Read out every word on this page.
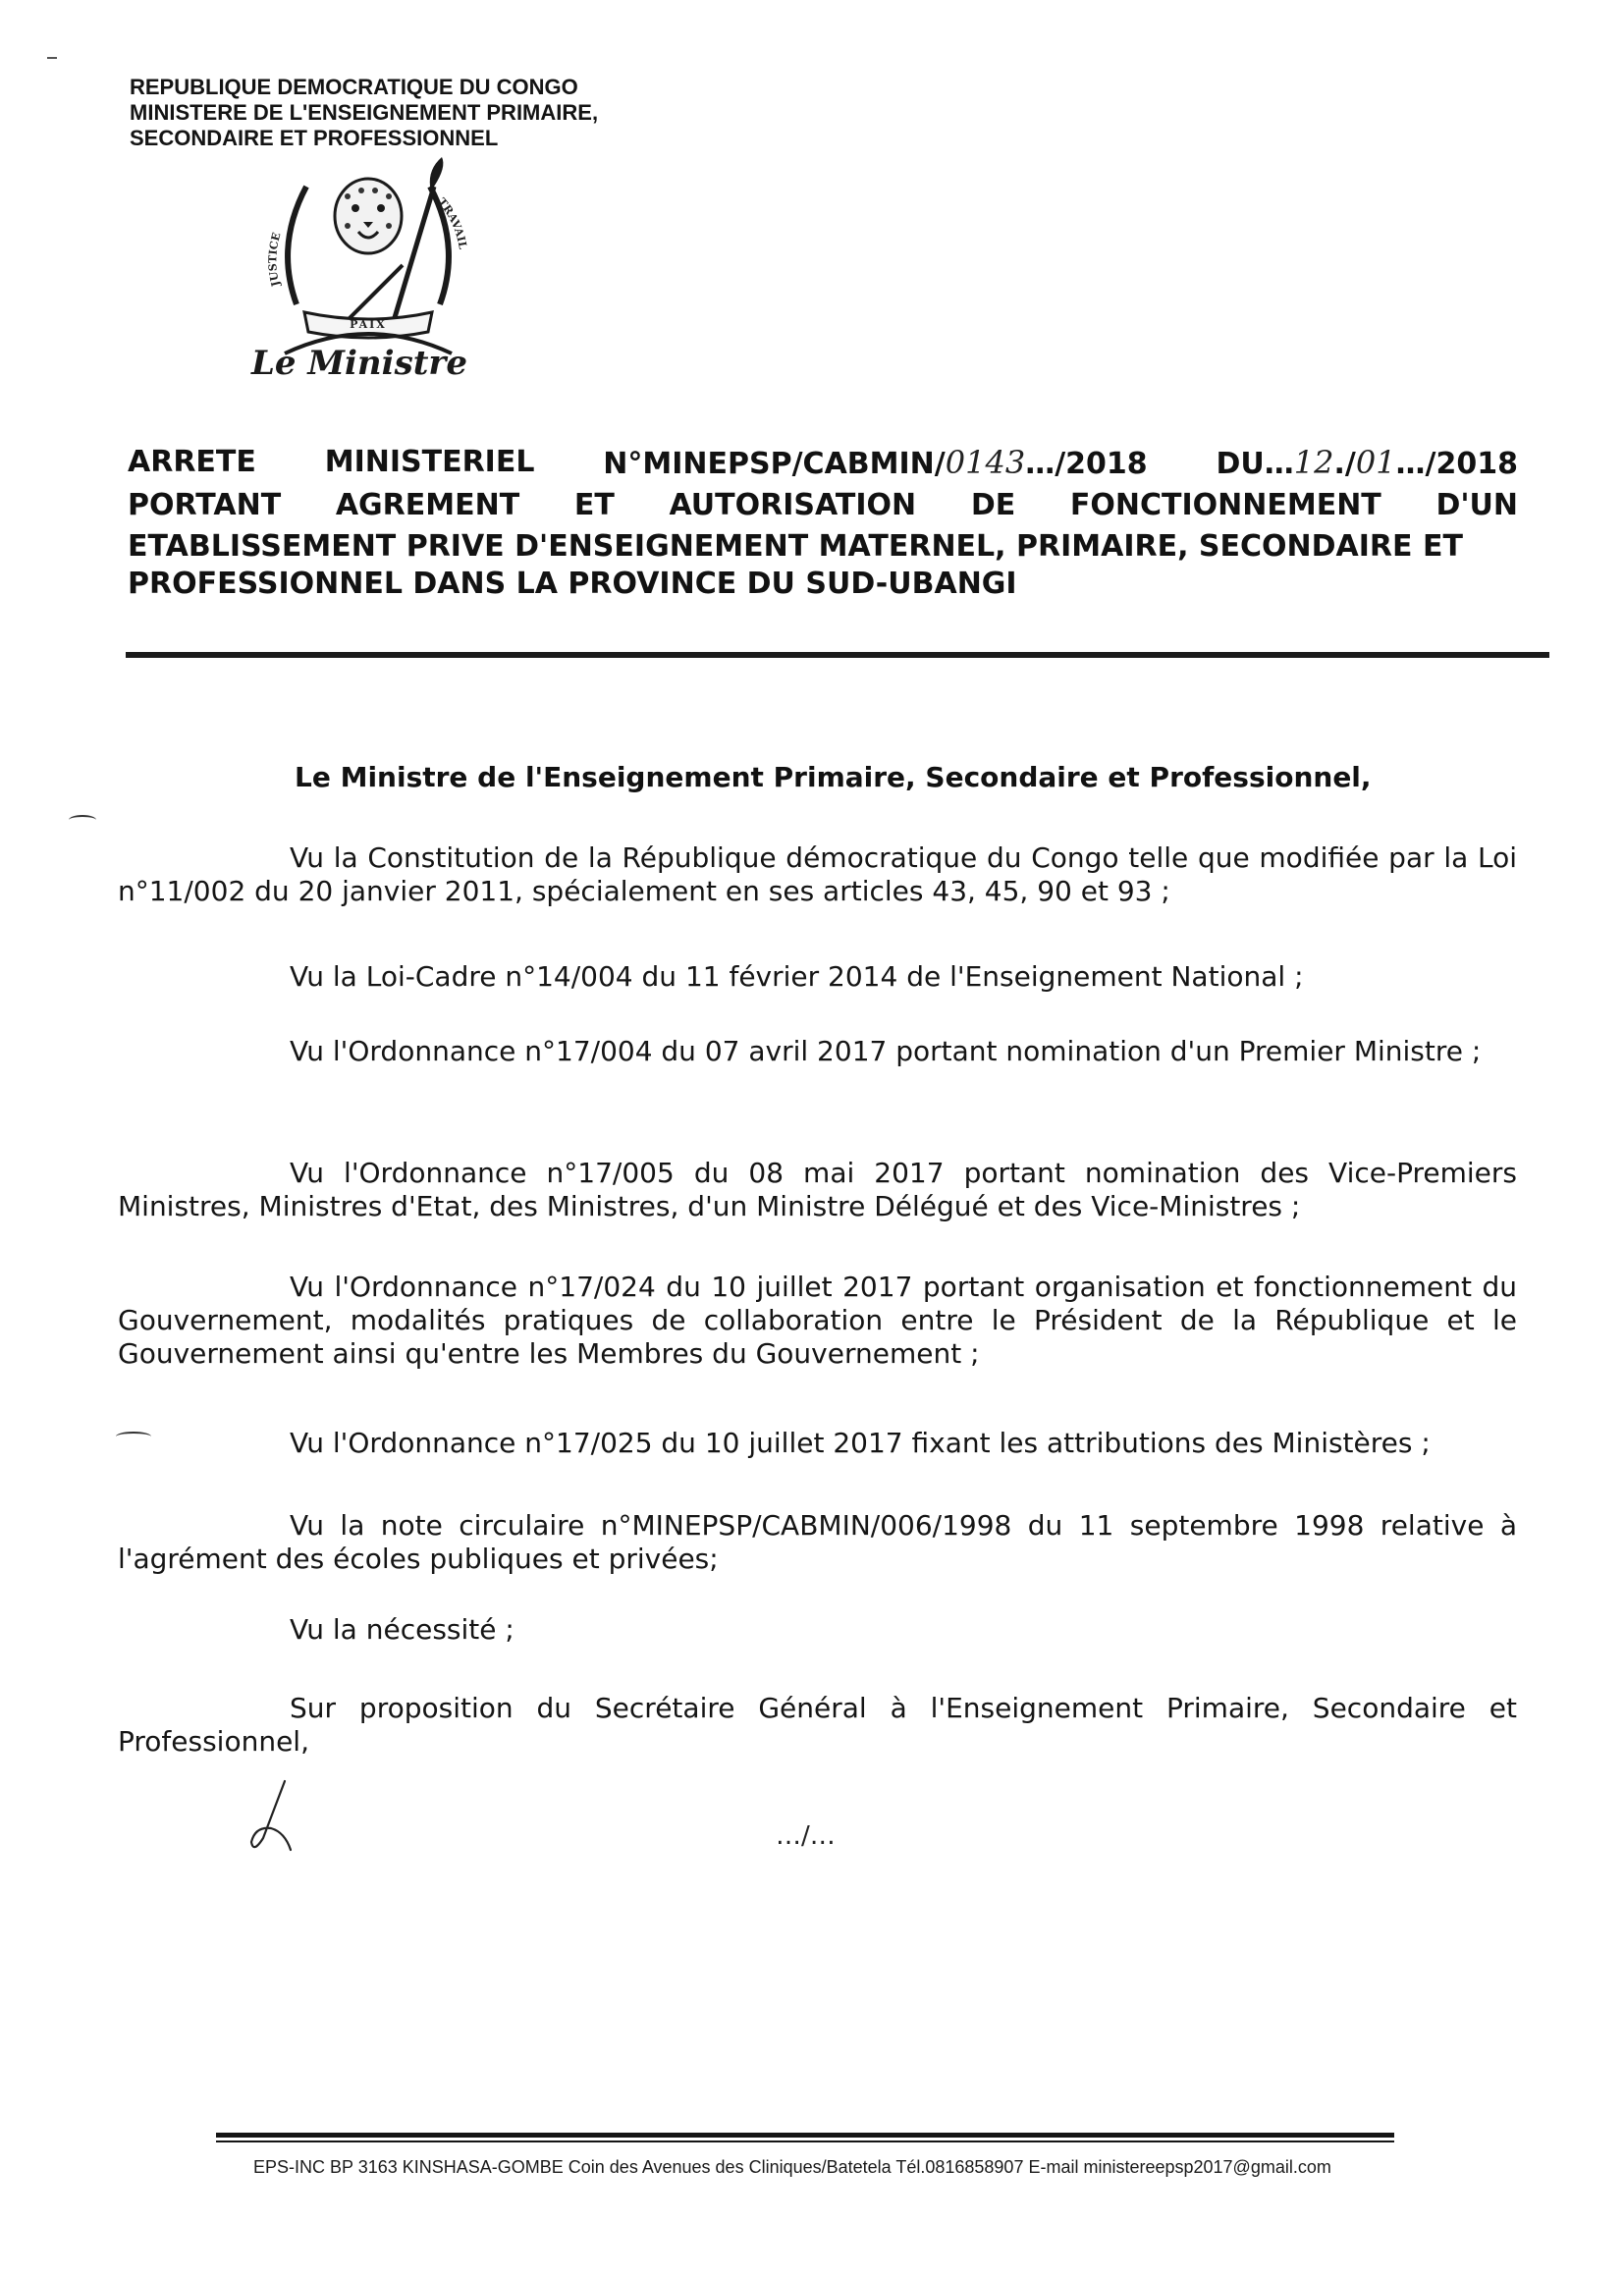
REPUBLIQUE DEMOCRATIQUE DU CONGO
MINISTERE DE L'ENSEIGNEMENT PRIMAIRE,
SECONDAIRE ET PROFESSIONNEL
JUSTICE
TRAVAIL
PAIX
Le Ministre
ARRETE MINISTERIEL N°MINEPSP/CABMIN/0143…/2018 DU…12./01…/2018
PORTANT AGREMENT ET AUTORISATION DE FONCTIONNEMENT D'UN
ETABLISSEMENT PRIVE D'ENSEIGNEMENT MATERNEL, PRIMAIRE, SECONDAIRE ET
PROFESSIONNEL DANS LA PROVINCE DU SUD-UBANGI
Le Ministre de l'Enseignement Primaire, Secondaire et Professionnel,
Vu la Constitution de la République démocratique du Congo telle que modifiée par la Loi n°11/002 du 20 janvier 2011, spécialement en ses articles 43, 45, 90 et 93 ;
Vu la Loi-Cadre n°14/004 du 11 février 2014 de l'Enseignement National ;
Vu l'Ordonnance n°17/004 du 07 avril 2017 portant nomination d'un Premier Ministre ;
Vu l'Ordonnance n°17/005 du 08 mai 2017 portant nomination des Vice-Premiers Ministres, Ministres d'Etat, des Ministres, d'un Ministre Délégué et des Vice-Ministres ;
Vu l'Ordonnance n°17/024 du 10 juillet 2017 portant organisation et fonctionnement du Gouvernement, modalités pratiques de collaboration entre le Président de la République et le Gouvernement ainsi qu'entre les Membres du Gouvernement ;
Vu l'Ordonnance n°17/025 du 10 juillet 2017 fixant les attributions des Ministères ;
Vu la note circulaire n°MINEPSP/CABMIN/006/1998 du 11 septembre 1998 relative à l'agrément des écoles publiques et privées;
Vu la nécessité ;
Sur proposition du Secrétaire Général à l'Enseignement Primaire, Secondaire et Professionnel,
…/…
EPS-INC BP 3163 KINSHASA-GOMBE Coin des Avenues des Cliniques/Batetela Tél.0816858907 E-mail ministereepsp2017@gmail.com
